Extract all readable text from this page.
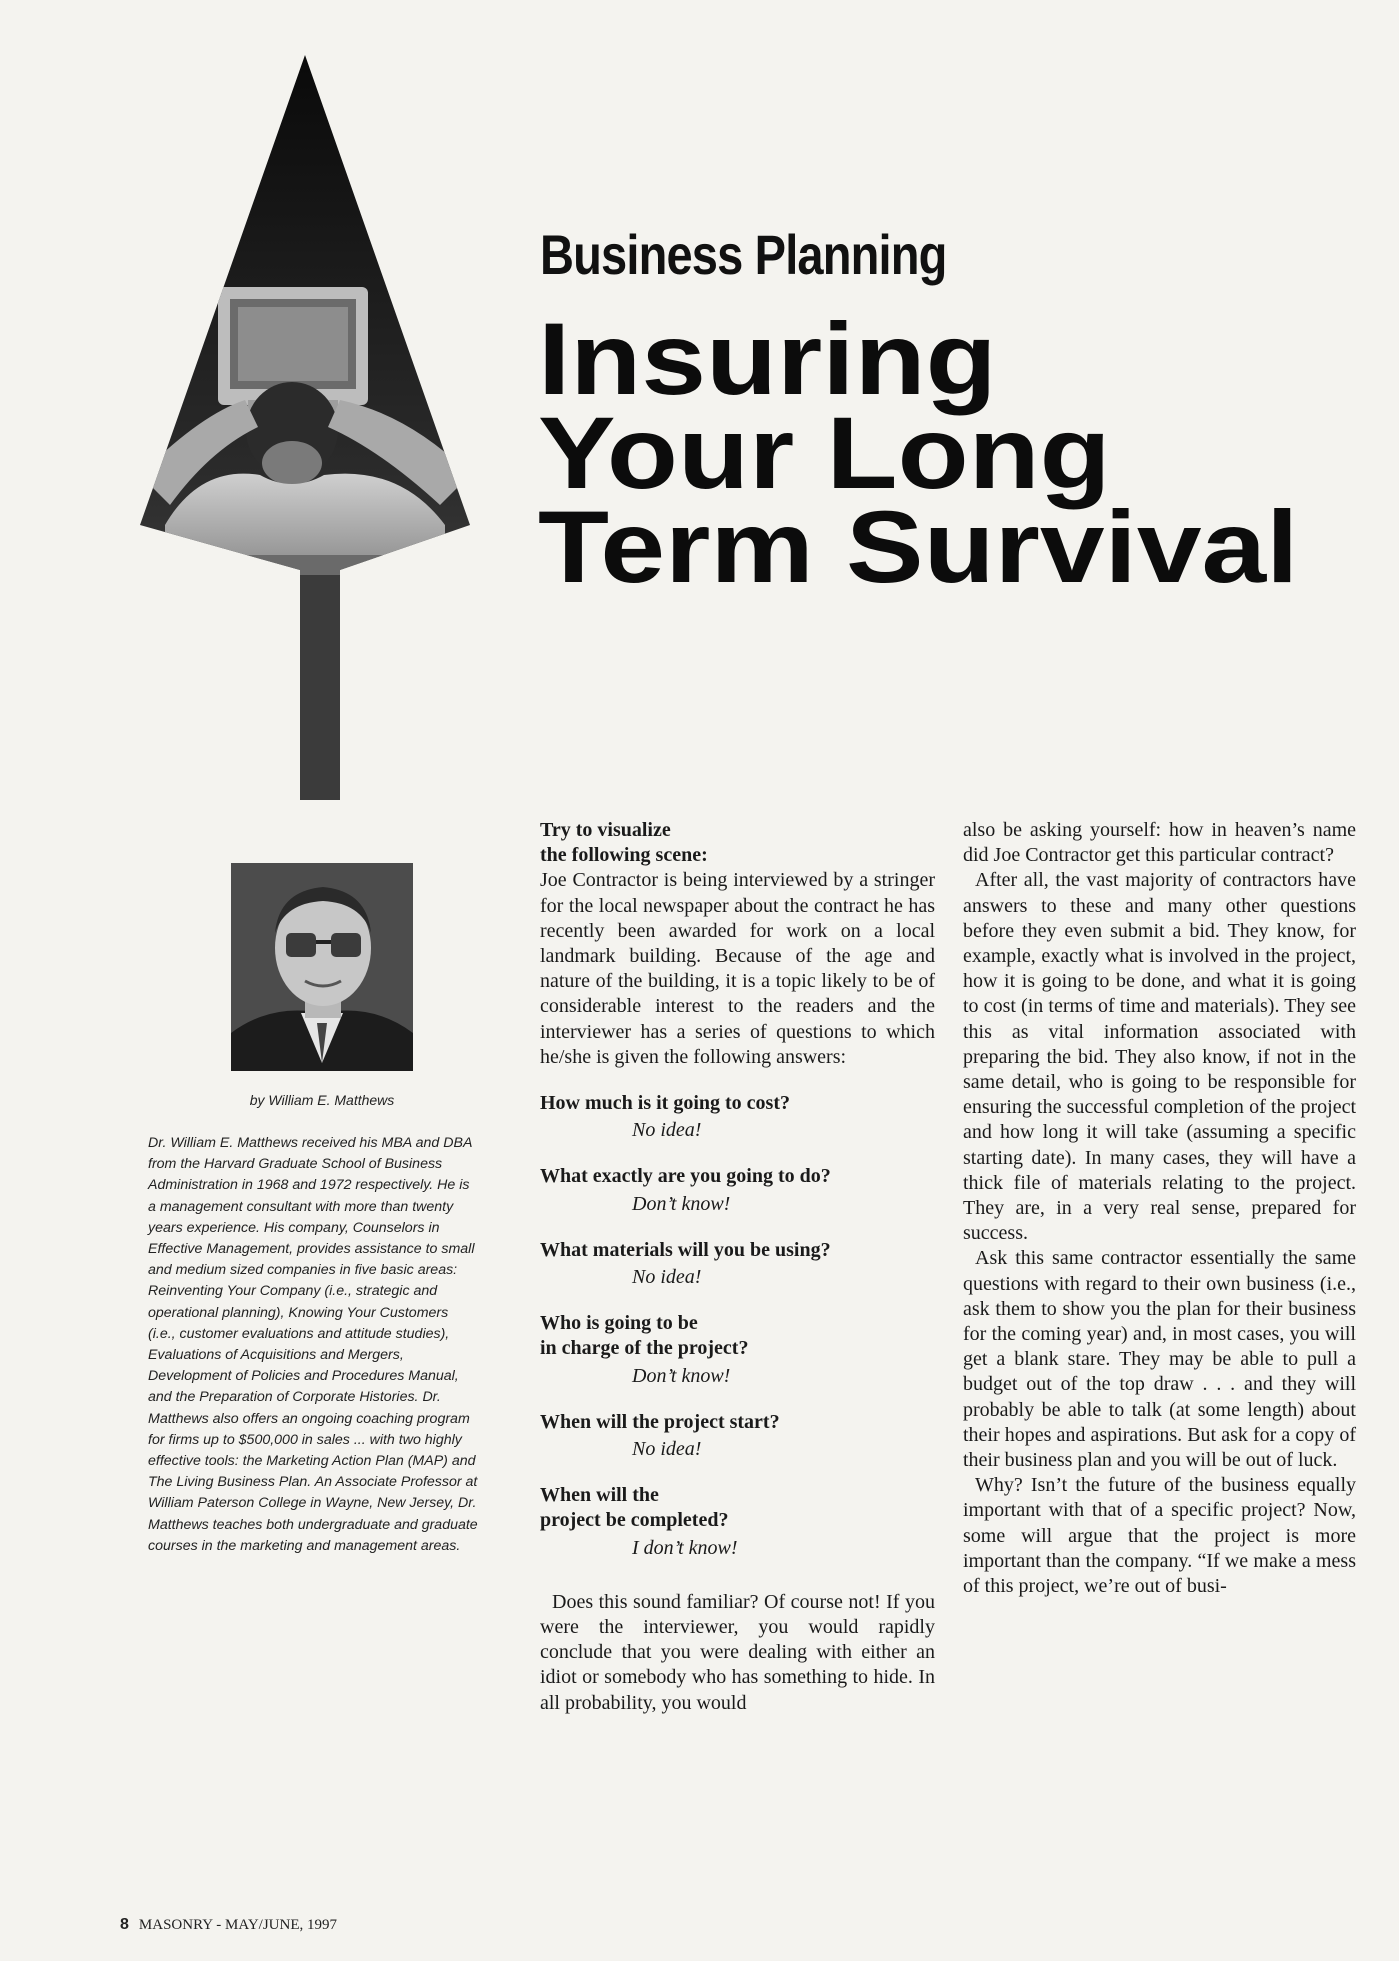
Business Planning
Insuring
Your Long
Term Survival
by William E. Matthews
Dr. William E. Matthews received his MBA and DBA from the Harvard Graduate School of Business Administration in 1968 and 1972 respectively. He is a management consultant with more than twenty years experience. His company, Counselors in Effective Management, provides assistance to small and medium sized companies in five basic areas: Reinventing Your Company (i.e., strategic and operational planning), Knowing Your Customers (i.e., customer evaluations and attitude studies), Evaluations of Acquisitions and Mergers, Development of Policies and Procedures Manual, and the Preparation of Corporate Histories. Dr. Matthews also offers an ongoing coaching program for firms up to $500,000 in sales ... with two highly effective tools: the Marketing Action Plan (MAP) and The Living Business Plan. An Associate Professor at William Paterson College in Wayne, New Jersey, Dr. Matthews teaches both undergraduate and graduate courses in the marketing and management areas.
Try to visualize
the following scene:

Joe Contractor is being interviewed by a stringer for the local newspaper about the contract he has recently been awarded for work on a local landmark building. Because of the age and nature of the building, it is a topic likely to be of considerable interest to the readers and the interviewer has a series of questions to which he/she is given the following answers:

How much is it going to cost?
No idea!
What exactly are you going to do?
Don’t know!
What materials will you be using?
No idea!
Who is going to be
in charge of the project?
Don’t know!
When will the project start?
No idea!
When will the
project be completed?
I don’t know!

Does this sound familiar? Of course not! If you were the interviewer, you would rapidly conclude that you were dealing with either an idiot or somebody who has something to hide. In all probability, you would

also be asking yourself: how in heaven’s name did Joe Contractor get this particular contract?

After all, the vast majority of contractors have answers to these and many other questions before they even submit a bid. They know, for example, exactly what is involved in the project, how it is going to be done, and what it is going to cost (in terms of time and materials). They see this as vital information associated with preparing the bid. They also know, if not in the same detail, who is going to be responsible for ensuring the successful completion of the project and how long it will take (assuming a specific starting date). In many cases, they will have a thick file of materials relating to the project. They are, in a very real sense, prepared for success.

Ask this same contractor essentially the same questions with regard to their own business (i.e., ask them to show you the plan for their business for the coming year) and, in most cases, you will get a blank stare. They may be able to pull a budget out of the top draw . . . and they will probably be able to talk (at some length) about their hopes and aspirations. But ask for a copy of their business plan and you will be out of luck.

Why? Isn’t the future of the business equally important with that of a specific project? Now, some will argue that the project is more important than the company. “If we make a mess of this project, we’re out of busi-

8 MASONRY - MAY/JUNE, 1997
